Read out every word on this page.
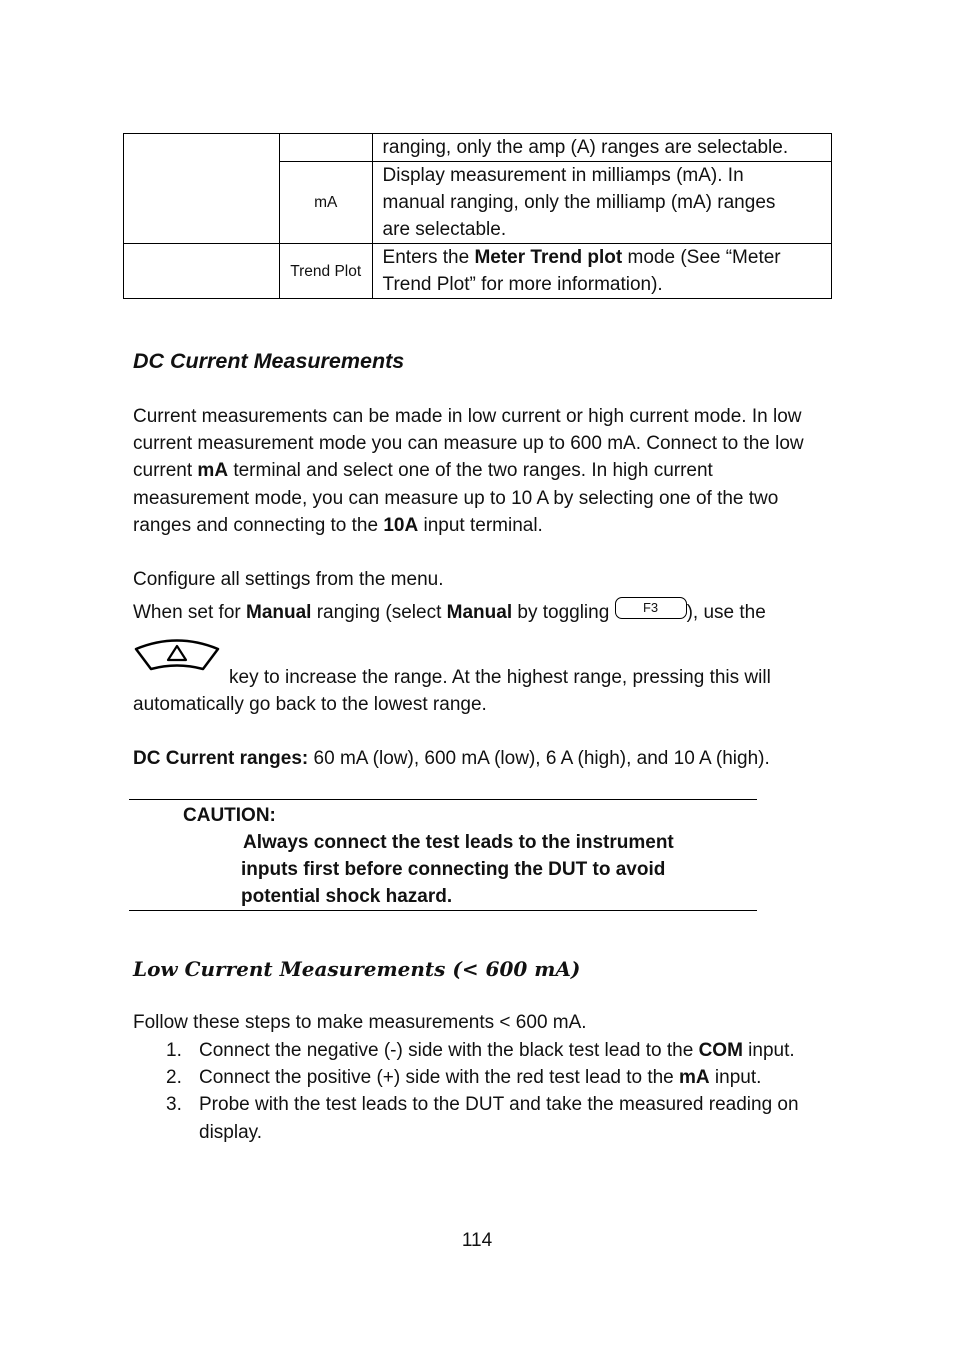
		ranging, only the amp (A) ranges are selectable.
	mA	Display measurement in milliamps (mA). In
manual ranging, only the milliamp (mA) ranges
are selectable.
	Trend Plot	Enters the Meter Trend plot mode (See “Meter
Trend Plot” for more information).
DC Current Measurements

Current measurements can be made in low current or high current mode. In low current measurement mode you can measure up to 600 mA. Connect to the low current mA terminal and select one of the two ranges. In high current measurement mode, you can measure up to 10 A by selecting one of the two ranges and connecting to the 10A input terminal.

Configure all settings from the menu.

When set for Manual ranging (select Manual by toggling F3 ), use the

key to increase the range. At the highest range, pressing this will

automatically go back to the lowest range.

DC Current ranges: 60 mA (low), 600 mA (low), 6 A (high), and 10 A (high).

CAUTION:
Always connect the test leads to the instrument inputs first before connecting the DUT to avoid potential shock hazard.
Low Current Measurements (< 600 mA)

Follow these steps to make measurements < 600 mA.

1. Connect the negative (-) side with the black test lead to the COM input.
2. Connect the positive (+) side with the red test lead to the mA input.
3. Probe with the test leads to the DUT and take the measured reading on display.
114
